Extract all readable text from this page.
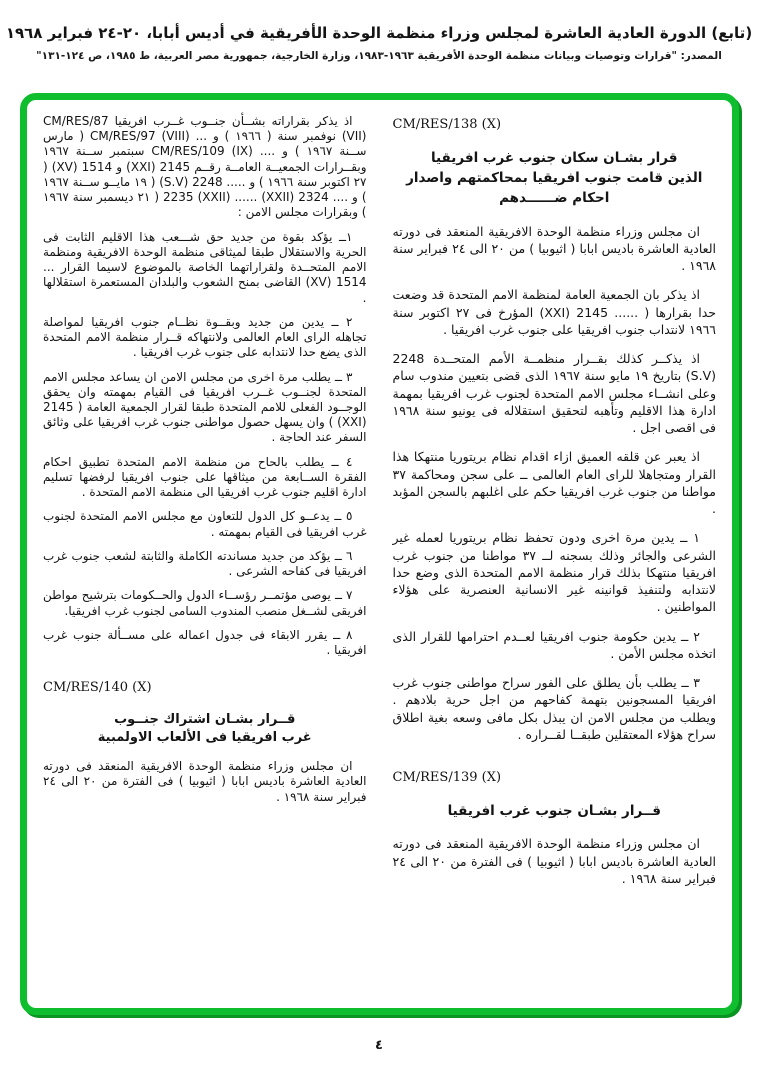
(تابع) الدورة العادية العاشرة لمجلس وزراء منظمة الوحدة الأفريقية في أديس أبابا، ٢٠-٢٤ فبراير ١٩٦٨
المصدر: "قرارات وتوصيات وبيانات منظمة الوحدة الأفريقية ١٩٦٣-١٩٨٣، وزارة الخارجية، جمهورية مصر العربية، ط ١٩٨٥، ص ١٢٤-١٣١"
CM/RES/138 (X)
قرار بشـان سكان جنوب غرب افريقيا
الذين قامت جنوب افريقيا بمحاكمتهم واصدار
احكام ضــــــدهم

ان مجلس وزراء منظمة الوحدة الافريقية المنعقد فى دورته العادية العاشرة باديس ابابا ( اثيوبيا ) من ٢٠ الى ٢٤ فبراير سنة ١٩٦٨ .

اذ يذكر بان الجمعية العامة لمنظمة الامم المتحدة قد وضعت حدا بقرارها ( ...... 2145 (XXI) المؤرخ فى ٢٧ اكتوبر سنة ١٩٦٦ لانتداب جنوب افريقيا على جنوب غرب افريقيا .

اذ يذكــر كذلك بقــرار منظمــة الأمم المتحــدة 2248 (S.V) بتاريخ ١٩ مايو سنة ١٩٦٧ الذى قضى بتعيين مندوب سام وعلى انشــاء مجلس الامم المتحدة لجنوب غرب افريقيا بمهمة ادارة هذا الاقليم وتأهبه لتحقيق استقلاله فى يونيو سنة ١٩٦٨ فى اقصى اجل .

اذ يعبر عن قلقه العميق ازاء اقدام نظام بريتوريا منتهكا هذا القرار ومتجاهلا للراى العام العالمى ــ على سجن ومحاكمة ٣٧ مواطنا من جنوب غرب افريقيا حكم على اغلبهم بالسجن المؤبد .

١ ــ يدين مرة اخرى ودون تحفظ نظام بريتوريا لعمله غير الشرعى والجائر وذلك بسجنه لــ ٣٧ مواطنا من جنوب غرب افريقيا منتهكا بذلك قرار منظمة الامم المتحدة الذى وضع حدا لانتدابه ولتنفيذ قوانينه غير الانسانية العنصرية على هؤلاء المواطنين .

٢ ــ يدين حكومة جنوب افريقيا لعــدم احترامها للقرار الذى اتخذه مجلس الأمن .

٣ ــ يطلب بأن يطلق على الفور سراح مواطنى جنوب غرب افريقيا المسجونين بتهمة كفاحهم من اجل حرية بلادهم . ويطلب من مجلس الامن ان يبذل بكل مافى وسعه بغية اطلاق سراح هؤلاء المعتقلين طبقــا لقــراره .

CM/RES/139 (X)
قــرار بشـان جنوب غرب افريقيا

ان مجلس وزراء منظمة الوحدة الافريقية المنعقد فى دورته العادية العاشرة باديس ابابا ( اثيوبيا ) فى الفترة من ٢٠ الى ٢٤ فبراير سنة ١٩٦٨ .

اذ يذكر بقراراته بشــأن جنــوب غــرب افريقيا CM/RES/87 (VII) نوفمبر سنة ( ١٩٦٦ ) و ... CM/RES/97 (VIII) ( مارس ســنة ١٩٦٧ ) و .... CM/RES/109 (IX) سبتمبر ســنة ١٩٦٧ وبقــرارات الجمعيــة العامــة رقــم 2145 (XXI) و 1514 (XV) ( ٢٧ اكتوبر سنة ١٩٦٦ ) و ..... 2248 (S.V) ( ١٩ مايــو ســنة ١٩٦٧ ) و .... 2324 (XXII) ...... 2235 (XXII) ( ٢١ ديسمبر سنة ١٩٦٧ ) وبقرارات مجلس الامن :

١ــ يؤكد بقوة من جديد حق شـــعب هذا الاقليم الثابت فى الحرية والاستقلال طبقا لميثاقى منظمة الوحدة الافريقية ومنظمة الامم المتحــدة ولقراراتهما الخاصة بالموضوع لاسيما القرار ... 1514 (XV) القاضى بمنح الشعوب والبلدان المستعمرة استقلالها .

٢ ــ يدين من جديد وبقــوة نظــام جنوب افريقيا لمواصلة تجاهله الراى العام العالمى ولانتهاكه قــرار منظمة الامم المتحدة الذى يضع حدا لانتدابه على جنوب غرب افريقيا .

٣ ــ يطلب مرة اخرى من مجلس الامن ان يساعد مجلس الامم المتحدة لجنــوب غــرب افريقيا فى القيام بمهمته وان يحقق الوجــود الفعلى للامم المتحدة طبقا لقرار الجمعية العامة ( 2145 (XXI) ) وان يسهل حصول مواطنى جنوب غرب افريقيا على وثائق السفر عند الحاجة .

٤ ــ يطلب بالحاح من منظمة الامم المتحدة تطبيق احكام الفقرة الســابعة من ميثاقها على جنوب افريقيا لرفضها تسليم ادارة اقليم جنوب غرب افريقيا الى منظمة الامم المتحدة .

٥ ــ يدعــو كل الدول للتعاون مع مجلس الامم المتحدة لجنوب غرب افريقيا فى القيام بمهمته .

٦ ــ يؤكد من جديد مساندته الكاملة والثابتة لشعب جنوب غرب افريقيا فى كفاحه الشرعى .

٧ ــ يوصى مؤتمــر رؤســاء الدول والحــكومات بترشيح مواطن افريقى لشــغل منصب المندوب السامى لجنوب غرب افريقيا.

٨ ــ يقرر الابقاء فى جدول اعماله على مســألة جنوب غرب افريقيا .

CM/RES/140 (X)
قــرار بشـان اشتراك جنــوب
غرب افريقيا فى الألعاب الاولمبية

ان مجلس وزراء منظمة الوحدة الافريقية المنعقد فى دورته العادية العاشرة باديس ابابا ( اثيوبيا ) فى الفترة من ٢٠ الى ٢٤ فبراير سنة ١٩٦٨ .

٤
